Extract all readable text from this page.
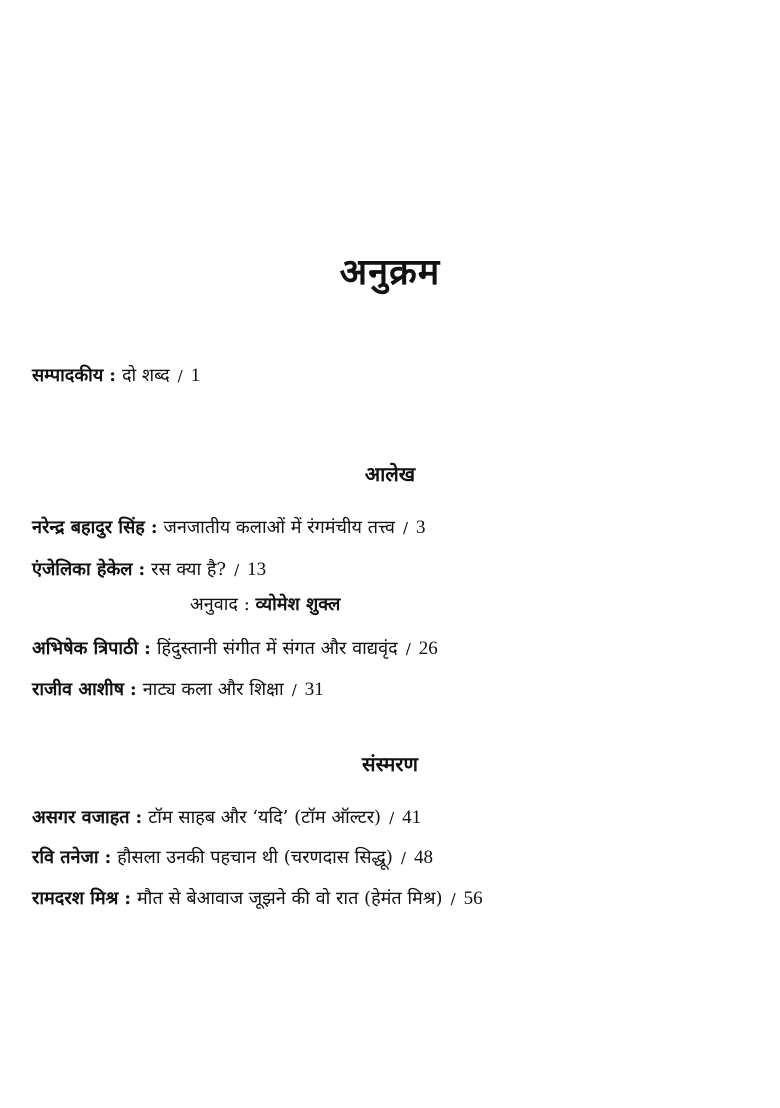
अनुक्रम
सम्पादकीय : दो शब्द / 1
आलेख
नरेन्द्र बहादुर सिंह : जनजातीय कलाओं में रंगमंचीय तत्त्व / 3
एंजेलिका हेकेल : रस क्या है? / 13
अनुवाद : व्योमेश शुक्ल
अभिषेक त्रिपाठी : हिंदुस्तानी संगीत में संगत और वाद्यवृंद / 26
राजीव आशीष : नाट्य कला और शिक्षा / 31
संस्मरण
असगर वजाहत : टॉम साहब और ‘यदि’ (टॉम ऑल्टर) / 41
रवि तनेजा : हौसला उनकी पहचान थी (चरणदास सिद्धू) / 48
रामदरश मिश्र : मौत से बेआवाज जूझने की वो रात (हेमंत मिश्र) / 56
